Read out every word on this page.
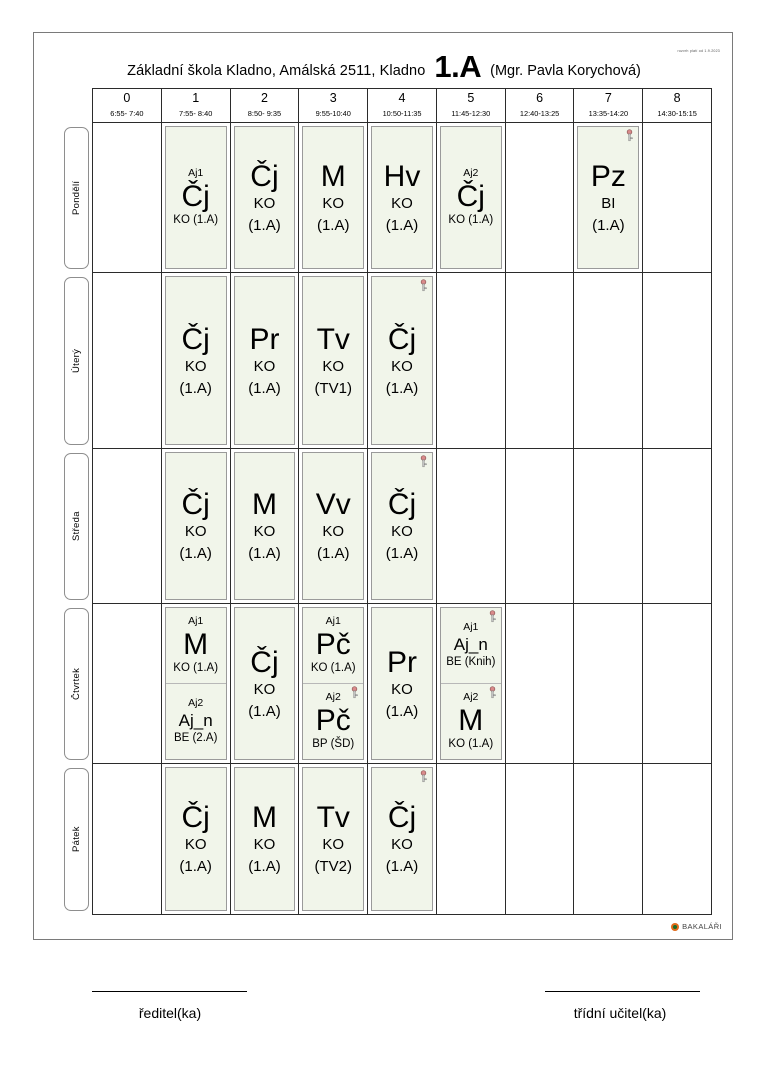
Základní škola Kladno, Amálská 2511, Kladno 1.A (Mgr. Pavla Korychová)
rozvrh platí od 1.9.2023
0
6:55- 7:40
1
7:55- 8:40
2
8:50- 9:35
3
9:55-10:40
4
10:50-11:35
5
11:45-12:30
6
12:40-13:25
7
13:35-14:20
8
14:30-15:15
Pondělí
Aj1
Čj
KO (1.A)
Čj
KO
(1.A)
M
KO
(1.A)
Hv
KO
(1.A)
Aj2
Čj
KO (1.A)
Pz
BI
(1.A)
Úterý
Čj
KO
(1.A)
Pr
KO
(1.A)
Tv
KO
(TV1)
Čj
KO
(1.A)
Středa
Čj
KO
(1.A)
M
KO
(1.A)
Vv
KO
(1.A)
Čj
KO
(1.A)
Čtvrtek
Aj1
M
KO (1.A)
Aj2
Aj_n
BE (2.A)
Čj
KO
(1.A)
Aj1
Pč
KO (1.A)
Aj2
Pč
BP (ŠD)
Pr
KO
(1.A)
Aj1
Aj_n
BE (Knih)
Aj2
M
KO (1.A)
Pátek
Čj
KO
(1.A)
M
KO
(1.A)
Tv
KO
(TV2)
Čj
KO
(1.A)
BAKALÁŘI
ředitel(ka)	třídní učitel(ka)
